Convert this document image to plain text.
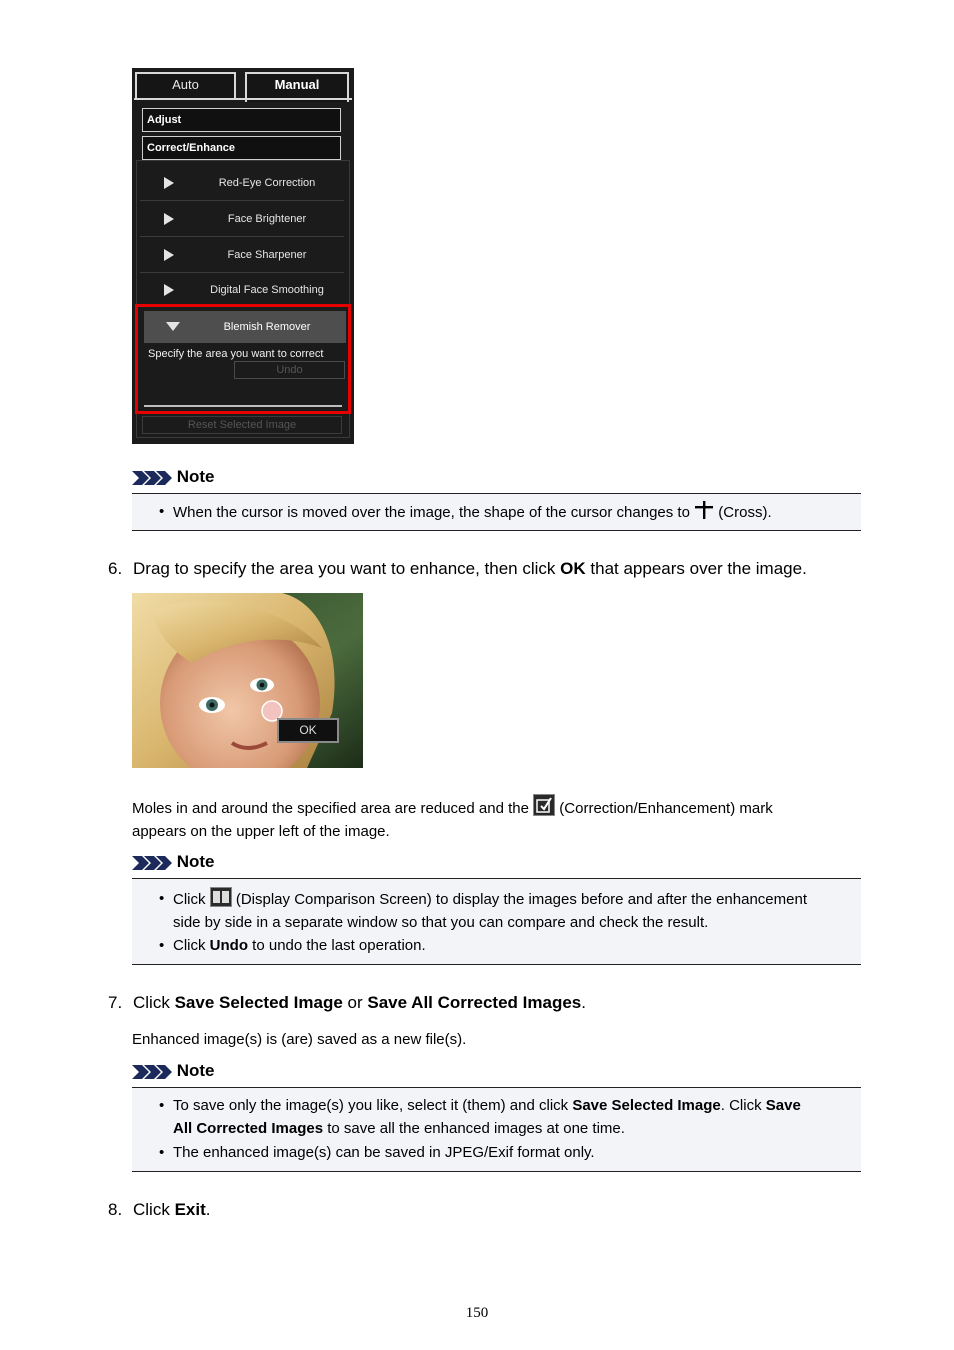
Auto	Manual
Adjust
Correct/Enhance
Red-Eye Correction
Face Brightener
Face Sharpener
Digital Face Smoothing
Blemish Remover
Specify the area you want to correct
Undo
Reset Selected Image
Note
• When the cursor is moved over the image, the shape of the cursor changes to (Cross).
6. Drag to specify the area you want to enhance, then click OK that appears over the image.
OK
Moles in and around the specified area are reduced and the (Correction/Enhancement) mark
appears on the upper left of the image.
Note
• Click (Display Comparison Screen) to display the images before and after the enhancement
side by side in a separate window so that you can compare and check the result.
• Click Undo to undo the last operation.
7. Click Save Selected Image or Save All Corrected Images.
Enhanced image(s) is (are) saved as a new file(s).
Note
• To save only the image(s) you like, select it (them) and click Save Selected Image. Click Save
All Corrected Images to save all the enhanced images at one time.
• The enhanced image(s) can be saved in JPEG/Exif format only.
8. Click Exit.
150
